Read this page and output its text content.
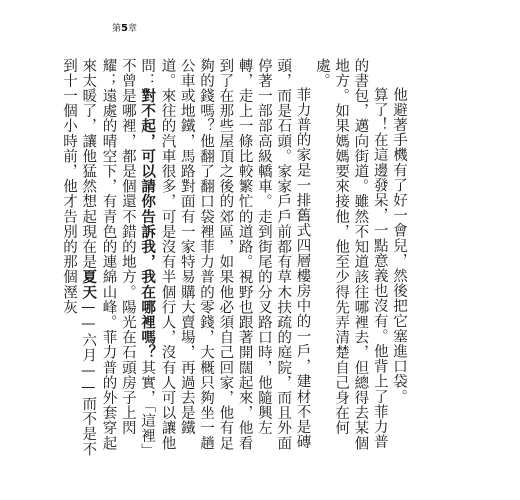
第5章

他避著手機有了好一會兒，然後把它塞進口袋。

算了！在這邊發呆，一點意義也沒有。他背上了菲力普的書包，邁向街道。雖然不知道該往哪裡去，但總得去某個地方。如果媽媽要來接他，他至少得先弄清楚自己身在何處。

菲力普的家是一排舊式四層樓房中的一戶，建材不是磚頭，而是石頭。家家戶戶前都有草木扶疏的庭院，而且外面停著一部部高級轎車。走到街尾的分叉路口時，他隨興左轉，走上一條比較繁忙的道路。視野也跟著開闊起來，他看到了在那些屋頂之後的郊區，如果他必須自己回家，他有足夠的錢嗎？他翻了翻口袋裡菲力普的零錢，大概只夠坐一趟公車或地鐵，馬路對面有一家特易購大賣場，再過去是鐵道。來往的汽車很多，可是沒有半個行人，沒有人可以讓他問：對不起，可以請你告訴我，我在哪裡嗎？其實，「這裡」不曾是哪裡，都是個還不錯的地方。陽光在石頭房子上閃耀；遠處的晴空下，有青色的連綿山峰。菲力普的外套穿起來太暖了，讓他猛然想起現在是夏天——六月——而不是不到十一個小時前，他才告別的那個溼灰
